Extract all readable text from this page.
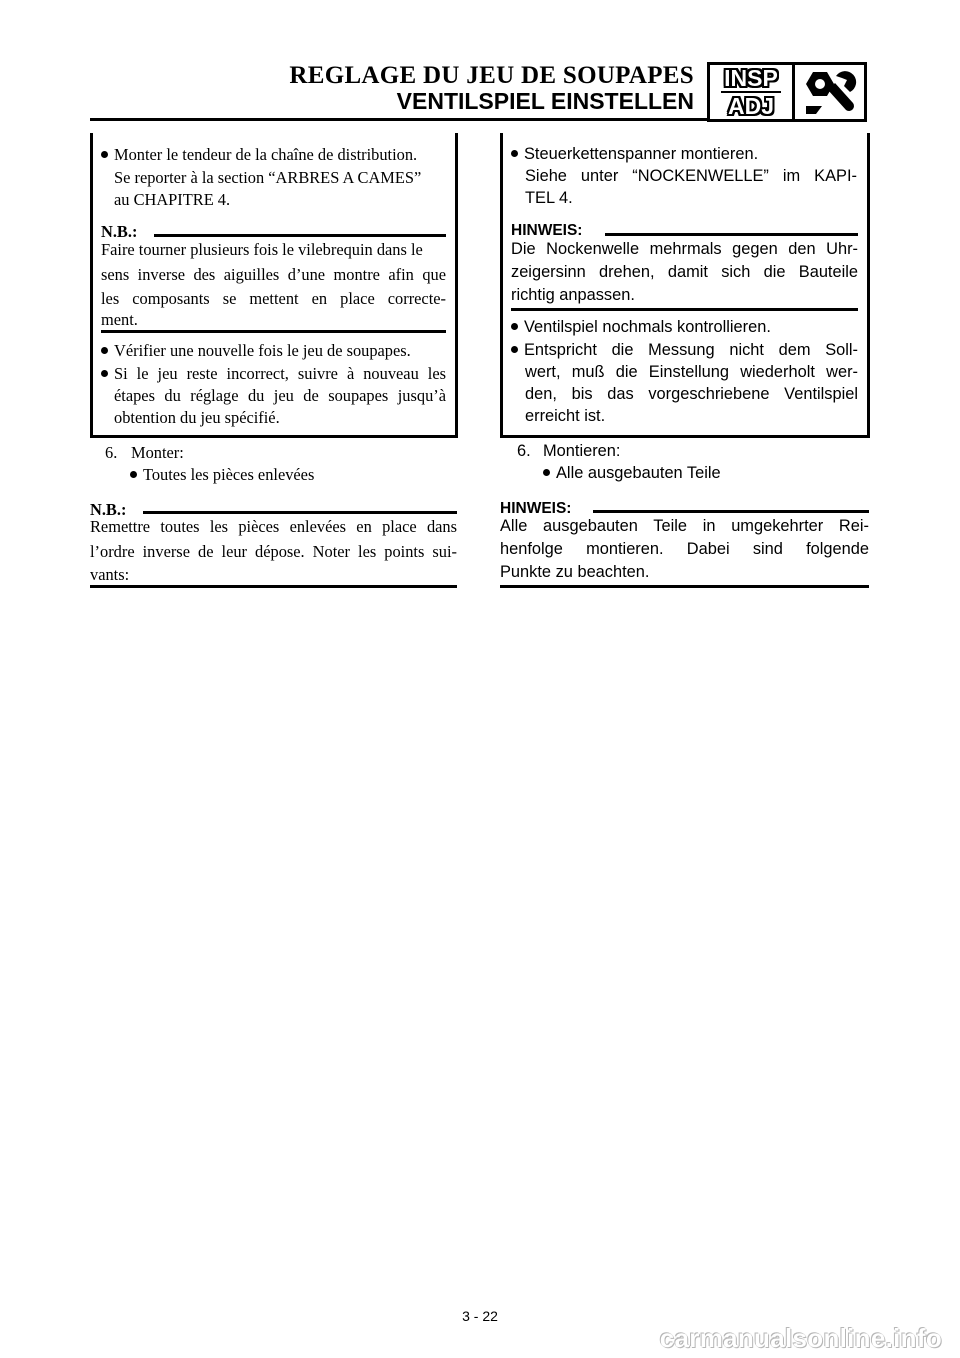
REGLAGE DU JEU DE SOUPAPES
VENTILSPIEL EINSTELLEN
INSP
ADJ
Monter le tendeur de la chaîne de distribution.
Se reporter à la section “ARBRES A CAMES”
au CHAPITRE 4.
N.B.:
Faire tourner plusieurs fois le vilebrequin dans le
sens inverse des aiguilles d’une montre afin que
les composants se mettent en place correcte-
ment.
Vérifier une nouvelle fois le jeu de soupapes.
Si le jeu reste incorrect, suivre à nouveau les
étapes du réglage du jeu de soupapes jusqu’à
obtention du jeu spécifié.
6. Monter:
Toutes les pièces enlevées
N.B.:
Remettre toutes les pièces enlevées en place dans
l’ordre inverse de leur dépose. Noter les points sui-
vants:
Steuerkettenspanner montieren.
Siehe unter “NOCKENWELLE” im KAPI-
TEL 4.
HINWEIS:
Die Nockenwelle mehrmals gegen den Uhr-
zeigersinn drehen, damit sich die Bauteile
richtig anpassen.
Ventilspiel nochmals kontrollieren.
Entspricht die Messung nicht dem Soll-
wert, muß die Einstellung wiederholt wer-
den, bis das vorgeschriebene Ventilspiel
erreicht ist.
6. Montieren:
Alle ausgebauten Teile
HINWEIS:
Alle ausgebauten Teile in umgekehrter Rei-
henfolge montieren. Dabei sind folgende
Punkte zu beachten.
3 - 22
carmanualsonline.info
